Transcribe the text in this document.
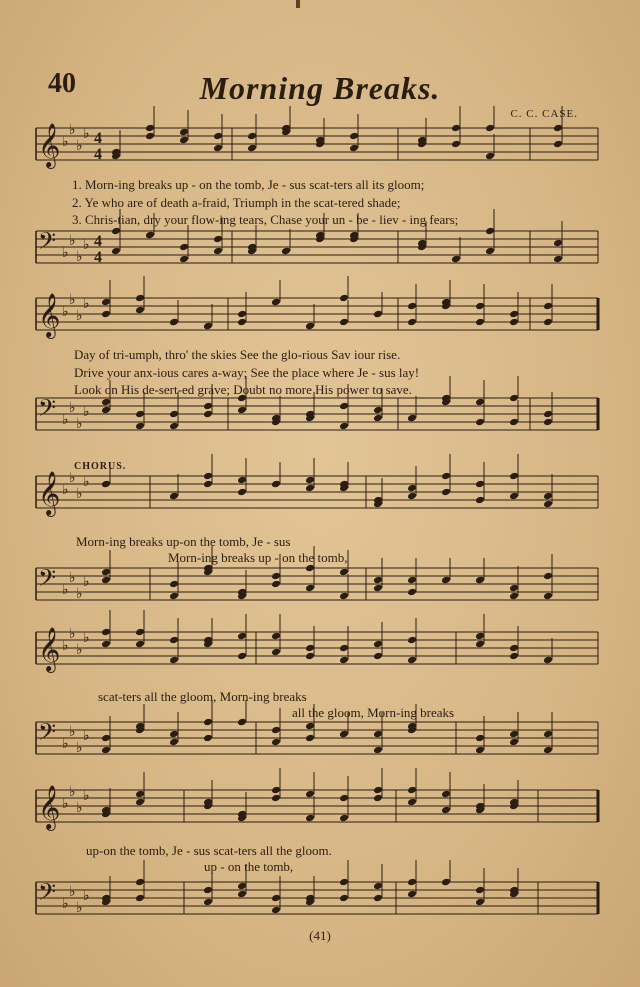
40	Morning Breaks.
C. C. CASE.
𝄞 ♭
♭
♭
♭ 4
4
𝄢 ♭
♭
♭
♭ 4
4
𝄞 ♭
♭
♭
♭
𝄢 ♭
♭
♭
♭
𝄞 ♭
♭
♭
♭
𝄢 ♭
♭
♭
♭
𝄞 ♭
♭
♭
♭
𝄢 ♭
♭
♭
♭
𝄞 ♭
♭
♭
♭
𝄢 ♭
♭
♭
♭
1. Morn-ing breaks up - on the tomb, Je - sus scat-ters all its gloom;
2. Ye who are of death a-fraid, Triumph in the scat-tered shade;
3. Chris-tian, dry your flow-ing tears, Chase your un - be - liev - ing fears;
Day of tri-umph, thro' the skies See the glo-rious Sav iour rise.
Drive your anx-ious cares a-way; See the place where Je - sus lay!
Look on His de-sert-ed grave; Doubt no more His power to save.
CHORUS.
Morn-ing breaks up-on the tomb, Je - sus
Morn-ing breaks up - on the tomb,
scat-ters all the gloom, Morn-ing breaks
all the gloom, Morn-ing breaks
up-on the tomb, Je - sus scat-ters all the gloom.
up - on the tomb,
(41)
